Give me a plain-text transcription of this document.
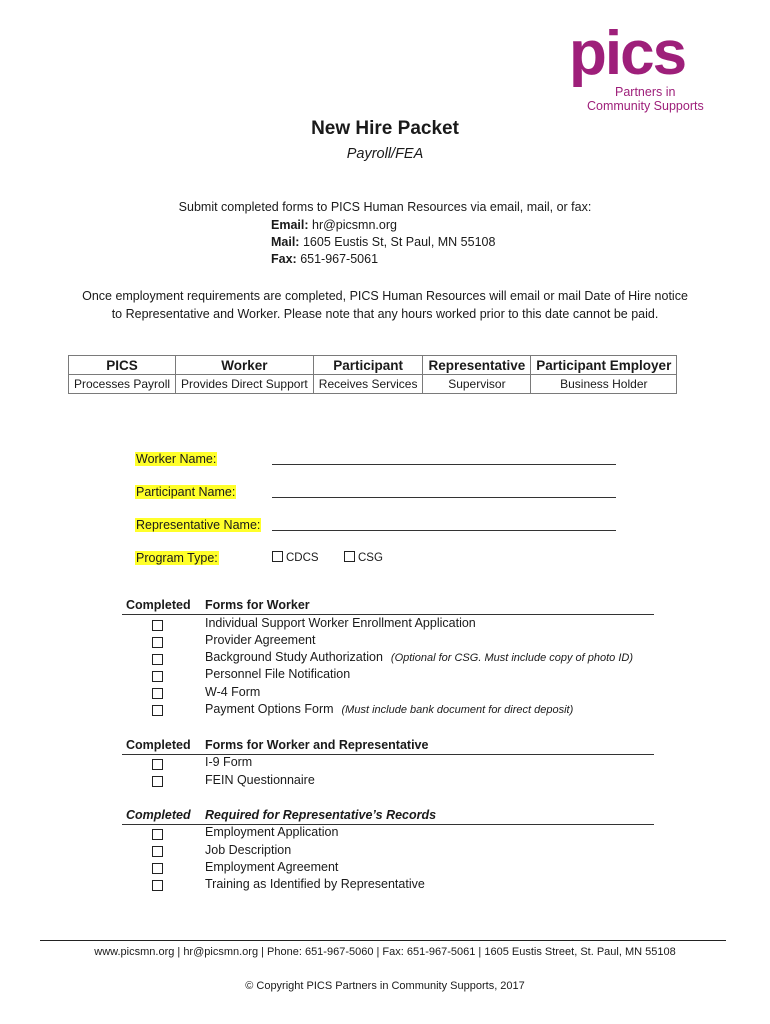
pics
Partners in
Community Supports
New Hire Packet
Payroll/FEA
Submit completed forms to PICS Human Resources via email, mail, or fax:
Email: hr@picsmn.org
Mail: 1605 Eustis St, St Paul, MN 55108
Fax: 651-967-5061
Once employment requirements are completed, PICS Human Resources will email or mail Date of Hire notice
to Representative and Worker. Please note that any hours worked prior to this date cannot be paid.
PICS	Worker	Participant	Representative	Participant Employer
Processes Payroll	Provides Direct Support	Receives Services	Supervisor	Business Holder
Worker Name:
Participant Name:
Representative Name:
Program Type:	CDCS	CSG
Completed Forms for Worker
Individual Support Worker Enrollment Application
Provider Agreement
Background Study Authorization (Optional for CSG. Must include copy of photo ID)
Personnel File Notification
W-4 Form
Payment Options Form (Must include bank document for direct deposit)
Completed Forms for Worker and Representative
I-9 Form
FEIN Questionnaire
Completed Required for Representative’s Records
Employment Application
Job Description
Employment Agreement
Training as Identified by Representative
www.picsmn.org | hr@picsmn.org | Phone: 651-967-5060 | Fax: 651-967-5061 | 1605 Eustis Street, St. Paul, MN 55108
© Copyright PICS Partners in Community Supports, 2017
